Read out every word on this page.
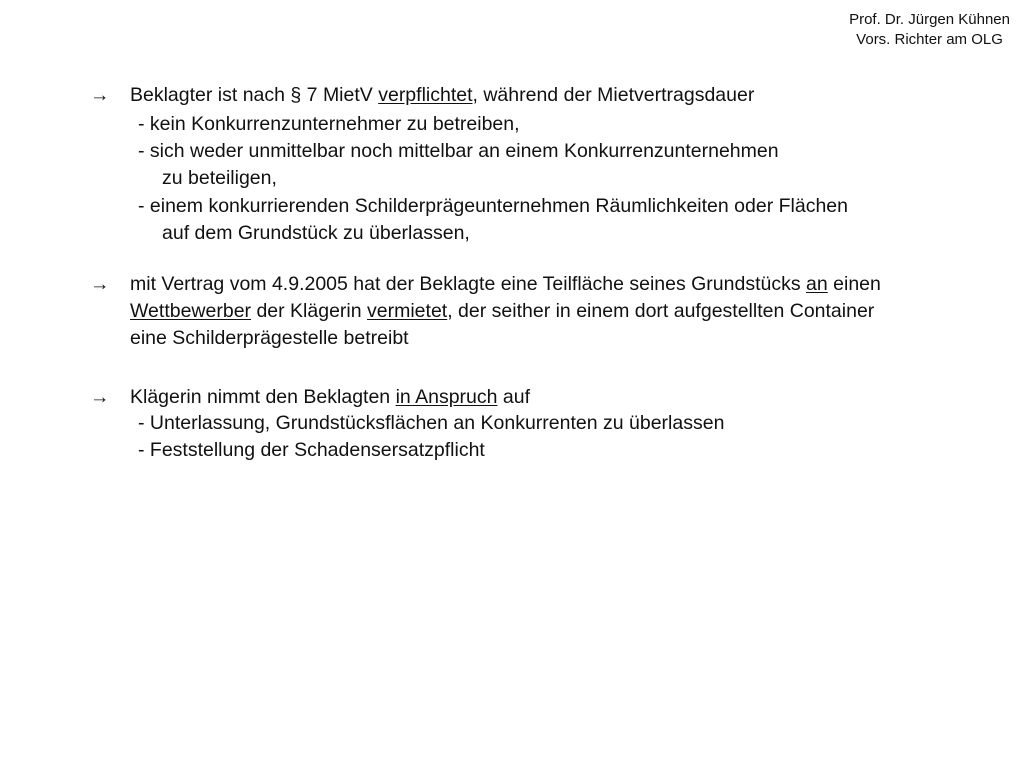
Prof. Dr. Jürgen Kühnen
Vors. Richter am OLG
→ Beklagter ist nach § 7 MietV verpflichtet, während der Mietvertragsdauer
- kein Konkurrenzunternehmer zu betreiben,
- sich weder unmittelbar noch mittelbar an einem Konkurrenzunternehmen
zu beteiligen,
- einem konkurrierenden Schilderprägeunternehmen Räumlichkeiten oder Flächen
auf dem Grundstück zu überlassen,
→ mit Vertrag vom 4.9.2005 hat der Beklagte eine Teilfläche seines Grundstücks an einen
Wettbewerber der Klägerin vermietet, der seither in einem dort aufgestellten Container
eine Schilderprägestelle betreibt
→ Klägerin nimmt den Beklagten in Anspruch auf
- Unterlassung, Grundstücksflächen an Konkurrenten zu überlassen
- Feststellung der Schadensersatzpflicht
